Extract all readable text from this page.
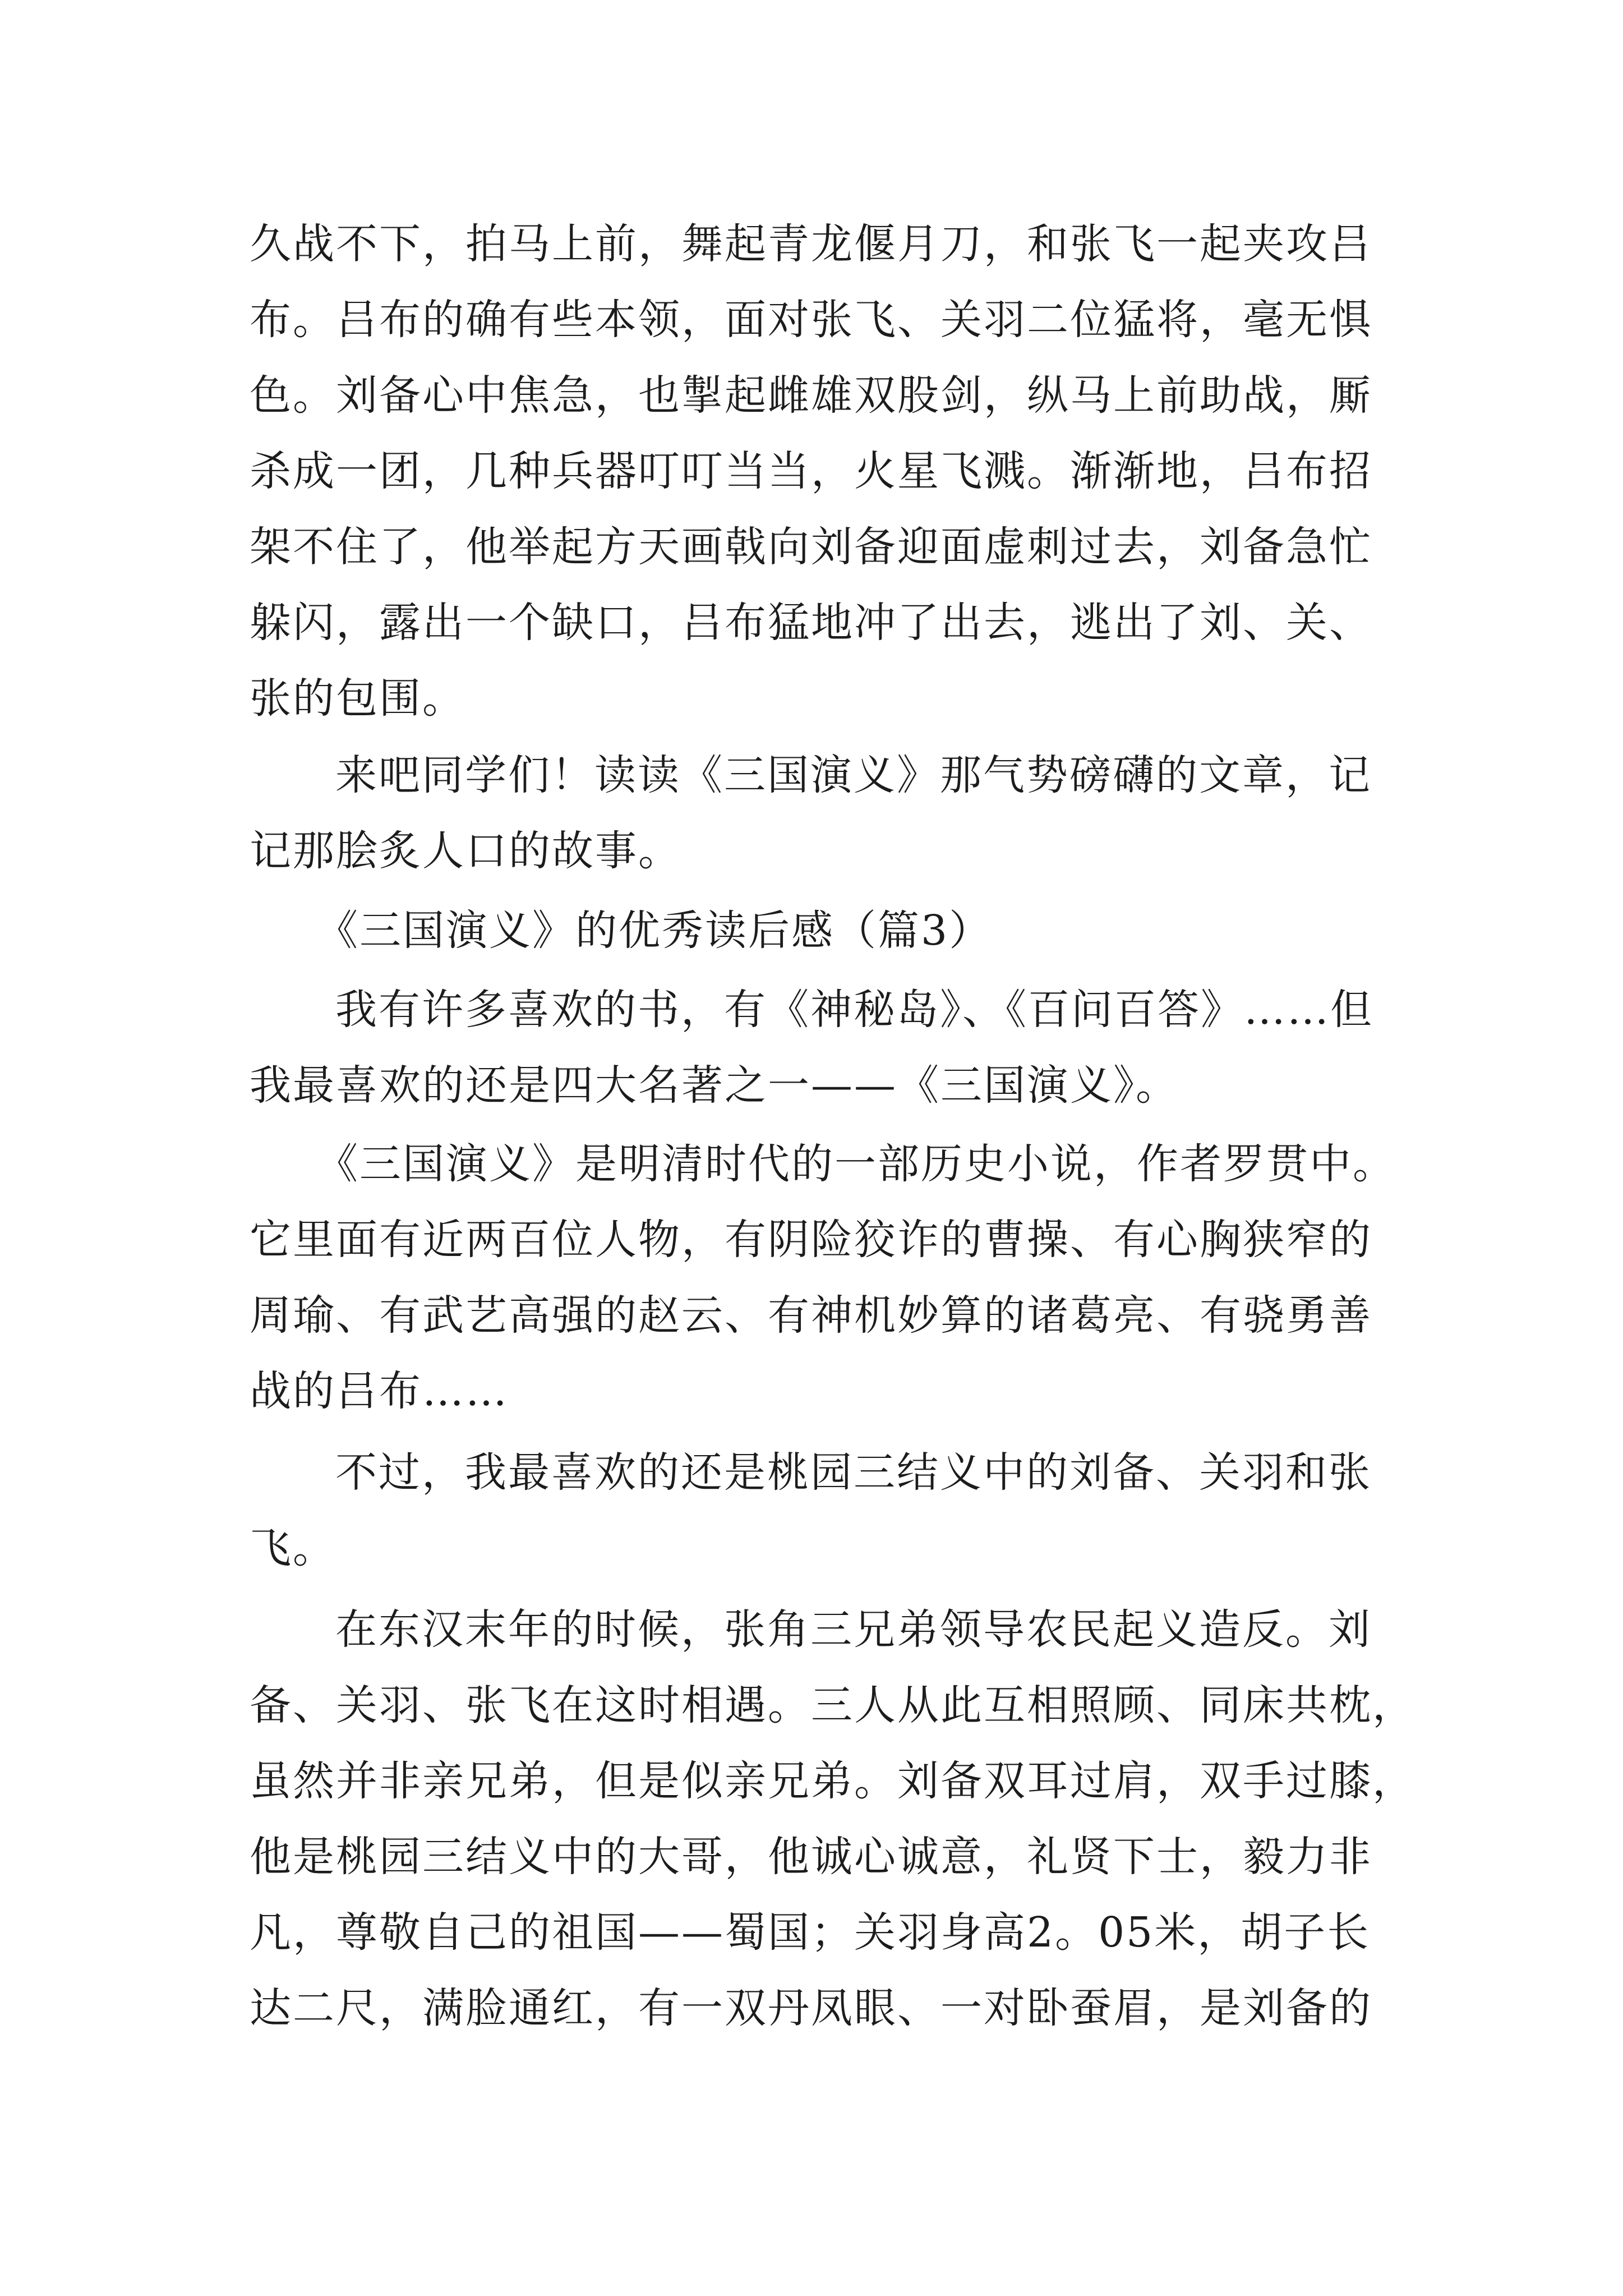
久战不下，拍马上前，舞起青龙偃月刀，和张飞一起夹攻吕
布。吕布的确有些本领，面对张飞、关羽二位猛将，毫无惧
色。刘备心中焦急，也掣起雌雄双股剑，纵马上前助战，厮
杀成一团，几种兵器叮叮当当，火星飞溅。渐渐地，吕布招
架不住了，他举起方天画戟向刘备迎面虚刺过去，刘备急忙
躲闪，露出一个缺口，吕布猛地冲了出去，逃出了刘、关、
张的包围。
来吧同学们！读读《三国演义》那气势磅礴的文章，记
记那脍炙人口的故事。
《三国演义》的优秀读后感（篇3）
我有许多喜欢的书，有《神秘岛》、《百问百答》……但
我最喜欢的还是四大名著之一——《三国演义》。
《三国演义》是明清时代的一部历史小说，作者罗贯中。
它里面有近两百位人物，有阴险狡诈的曹操、有心胸狭窄的
周瑜、有武艺高强的赵云、有神机妙算的诸葛亮、有骁勇善
战的吕布……
不过，我最喜欢的还是桃园三结义中的刘备、关羽和张
飞。
在东汉末年的时候，张角三兄弟领导农民起义造反。刘
备、关羽、张飞在这时相遇。三人从此互相照顾、同床共枕，
虽然并非亲兄弟，但是似亲兄弟。刘备双耳过肩，双手过膝，
他是桃园三结义中的大哥，他诚心诚意，礼贤下士，毅力非
凡，尊敬自己的祖国——蜀国；关羽身高2。05米，胡子长
达二尺，满脸通红，有一双丹凤眼、一对卧蚕眉，是刘备的
